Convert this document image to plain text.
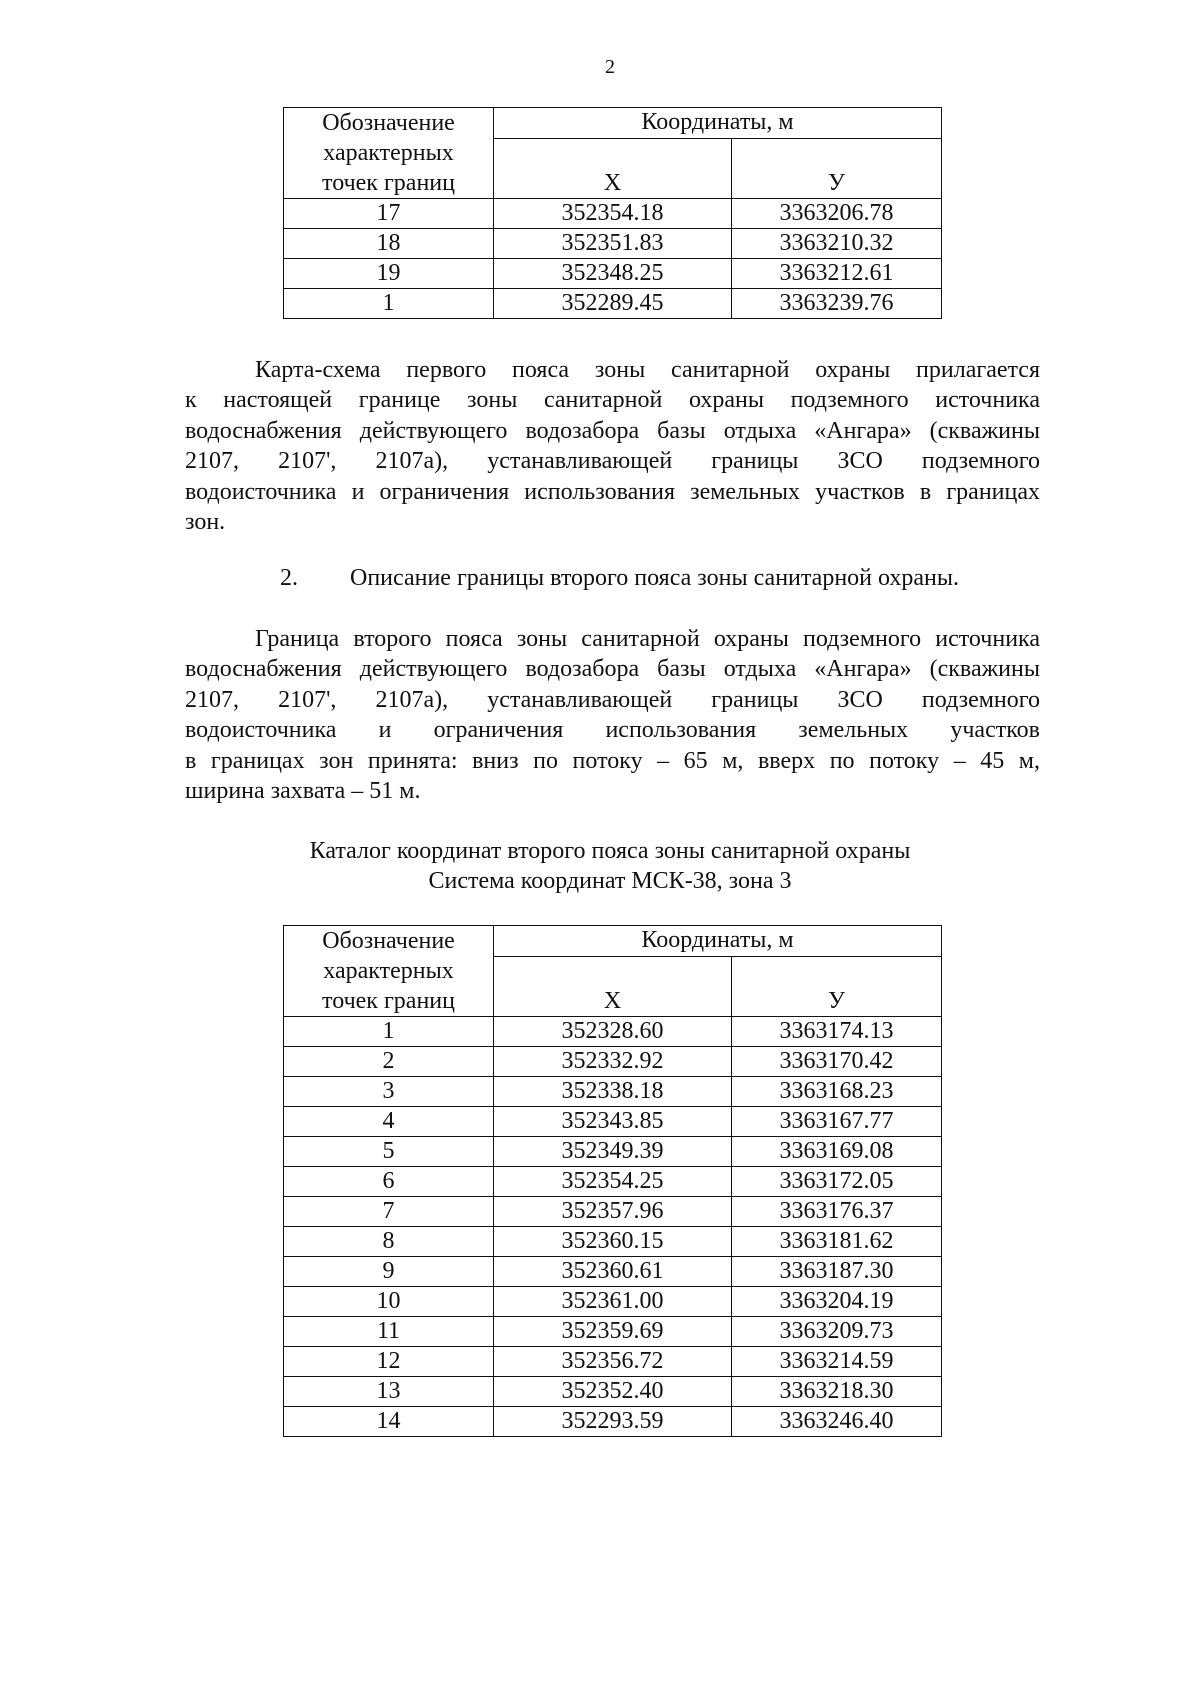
2
Обозначение
характерных
точек границ	Координаты, м	
	Х	У
17	352354.18	3363206.78
18	352351.83	3363210.32
19	352348.25	3363212.61
1	352289.45	3363239.76
Карта-схема первого пояса зоны санитарной охраны прилагается
к настоящей границе зоны санитарной охраны подземного источника
водоснабжения действующего водозабора базы отдыха «Ангара» (скважины
2107, 2107', 2107а), устанавливающей границы ЗСО подземного
водоисточника и ограничения использования земельных участков в границах
зон.
2. Описание границы второго пояса зоны санитарной охраны.
Граница второго пояса зоны санитарной охраны подземного источника
водоснабжения действующего водозабора базы отдыха «Ангара» (скважины
2107, 2107', 2107а), устанавливающей границы ЗСО подземного
водоисточника и ограничения использования земельных участков
в границах зон принята: вниз по потоку – 65 м, вверх по потоку – 45 м,
ширина захвата – 51 м.
Каталог координат второго пояса зоны санитарной охраны
Система координат МСК-38, зона 3
Обозначение
характерных
точек границ	Координаты, м	
	Х	У
1	352328.60	3363174.13
2	352332.92	3363170.42
3	352338.18	3363168.23
4	352343.85	3363167.77
5	352349.39	3363169.08
6	352354.25	3363172.05
7	352357.96	3363176.37
8	352360.15	3363181.62
9	352360.61	3363187.30
10	352361.00	3363204.19
11	352359.69	3363209.73
12	352356.72	3363214.59
13	352352.40	3363218.30
14	352293.59	3363246.40
